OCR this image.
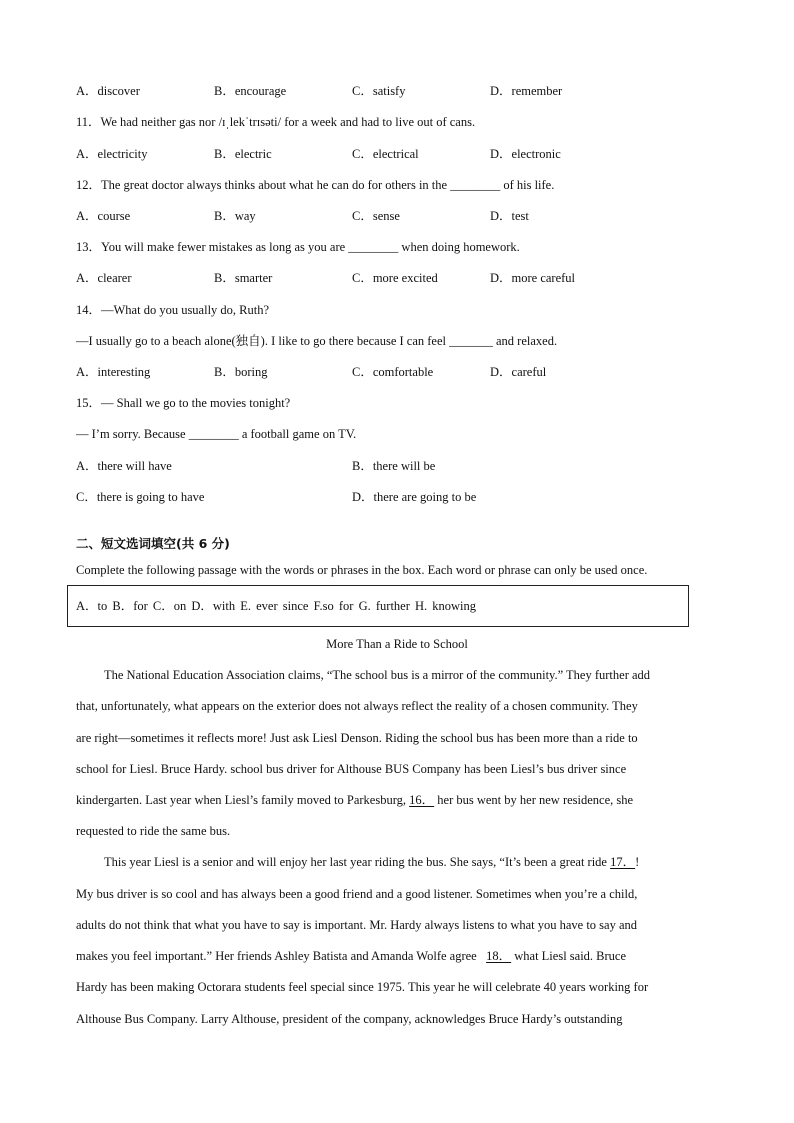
A．discover	B．encourage	C．satisfy	D．remember
11．We had neither gas nor /ɪˌlekˈtrɪsəti/ for a week and had to live out of cans.
A．electricity	B．electric	C．electrical	D．electronic
12．The great doctor always thinks about what he can do for others in the ________ of his life.
A．course	B．way	C．sense	D．test
13．You will make fewer mistakes as long as you are ________ when doing homework.
A．clearer	B．smarter	C．more excited	D．more careful
14．—What do you usually do, Ruth?
—I usually go to a beach alone(独自). I like to go there because I can feel _______ and relaxed.
A．interesting	B．boring	C．comfortable	D．careful
15．— Shall we go to the movies tonight?
— I’m sorry. Because ________ a football game on TV.
A．there will have	B．there will be
C．there is going to have	D．there are going to be
二、短文选词填空(共 6 分)
Complete the following passage with the words or phrases in the box. Each word or phrase can only be used once.
A．to B．for C．on D．with E. ever since F.so for G. further H. knowing
More Than a Ride to School
The National Education Association claims, “The school bus is a mirror of the community.” They further add
that, unfortunately, what appears on the exterior does not always reflect the reality of a chosen community. They
are right—sometimes it reflects more! Just ask Liesl Denson. Riding the school bus has been more than a ride to
school for Liesl. Bruce Hardy. school bus driver for Althouse BUS Company has been Liesl’s bus driver since
kindergarten. Last year when Liesl’s family moved to Parkesburg, 16． her bus went by her new residence, she
requested to ride the same bus.
This year Liesl is a senior and will enjoy her last year riding the bus. She says, “It’s been a great ride 17．!
My bus driver is so cool and has always been a good friend and a good listener. Sometimes when you’re a child,
adults do not think that what you have to say is important. Mr. Hardy always listens to what you have to say and
makes you feel important.” Her friends Ashley Batista and Amanda Wolfe agree 18． what Liesl said. Bruce
Hardy has been making Octorara students feel special since 1975. This year he will celebrate 40 years working for
Althouse Bus Company. Larry Althouse, president of the company, acknowledges Bruce Hardy’s outstanding
